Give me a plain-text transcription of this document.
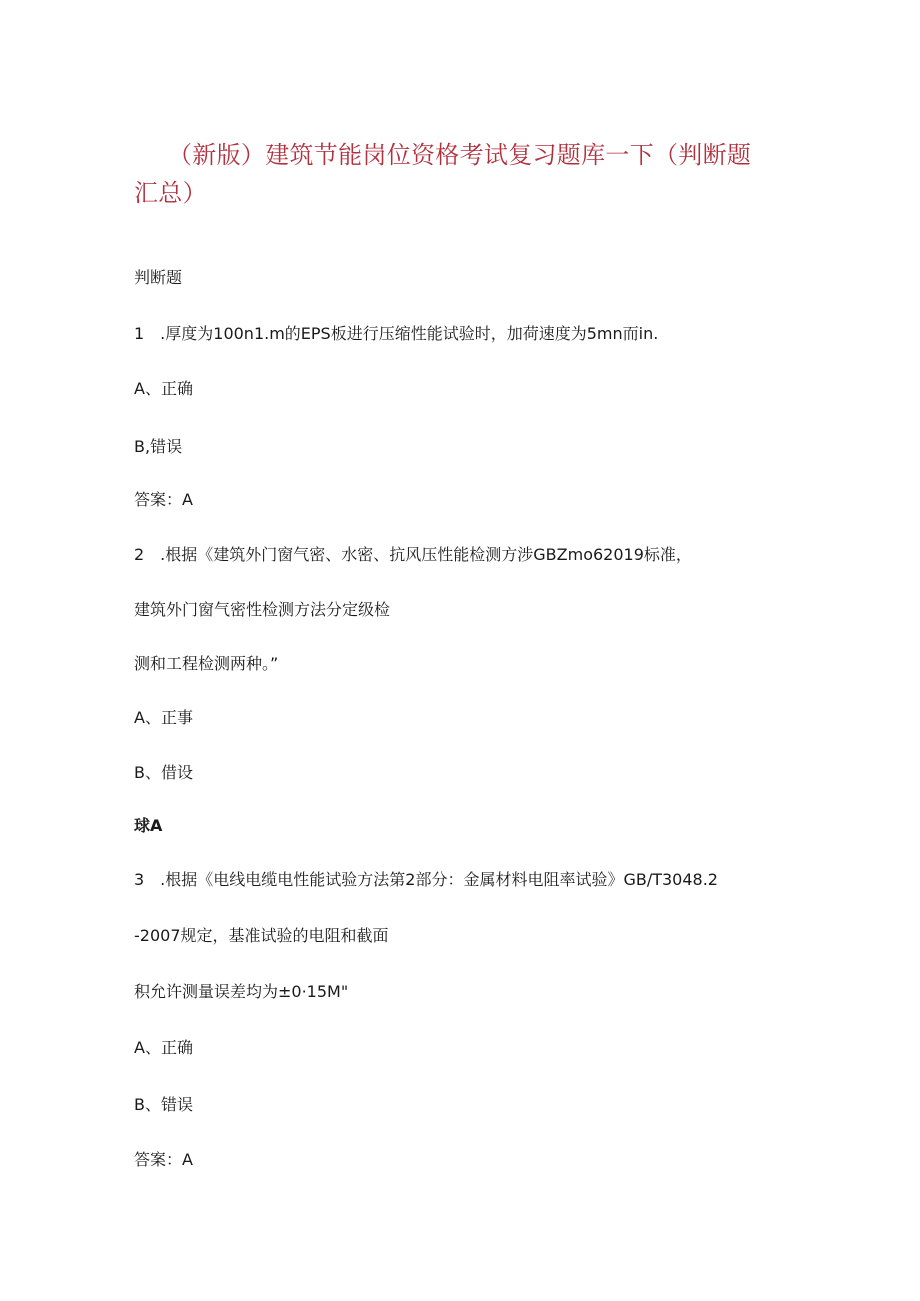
（新版）建筑节能岗位资格考试复习题库一下（判断题汇总）

判断题

1　.厚度为100n1.m的EPS板进行压缩性能试验时，加荷速度为5mn而in.

A、正确

B,错误

答案：A

2　.根据《建筑外门窗气密、水密、抗风压性能检测方涉GBZmo62019标准，

建筑外门窗气密性检测方法分定级检

测和工程检测两种。”

A、正事

B、借设

球A

3　.根据《电线电缆电性能试验方法第2部分：金属材料电阻率试验》GB/T3048.2

-2007规定，基准试验的电阻和截面

积允许测量误差均为±0·15M"

A、正确

B、错误

答案：A
